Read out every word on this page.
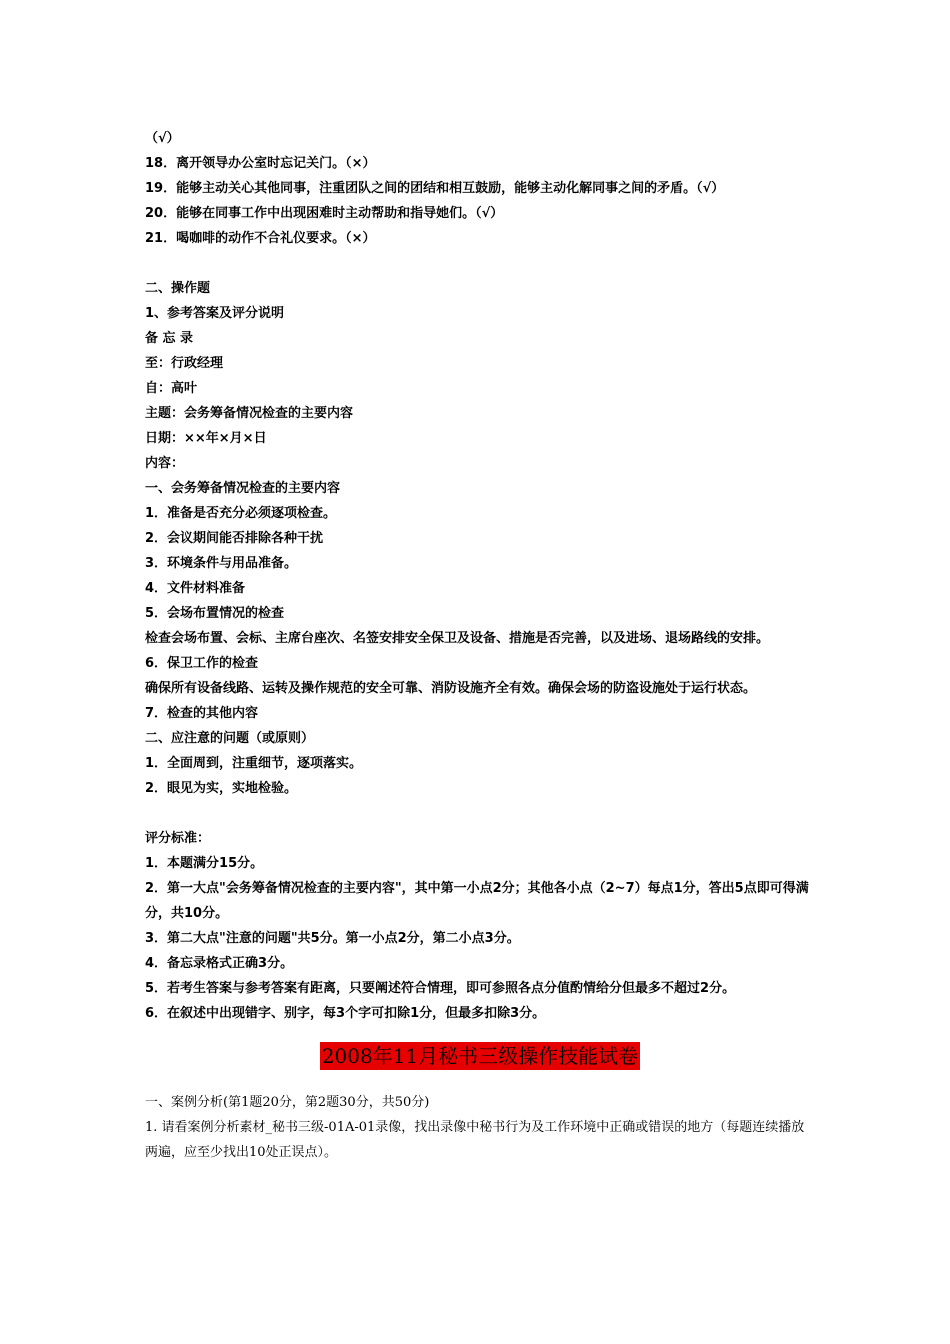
（√）
18．离开领导办公室时忘记关门。（×）
19．能够主动关心其他同事，注重团队之间的团结和相互鼓励，能够主动化解同事之间的矛盾。（√）
20．能够在同事工作中出现困难时主动帮助和指导她们。（√）
21．喝咖啡的动作不合礼仪要求。（×）
二、操作题
1、参考答案及评分说明
备 忘 录
至：行政经理
自：高叶
主题：会务筹备情况检查的主要内容
日期：××年×月×日
内容：
一、会务筹备情况检查的主要内容
1．准备是否充分必须逐项检查。
2．会议期间能否排除各种干扰
3．环境条件与用品准备。
4．文件材料准备
5．会场布置情况的检查
检查会场布置、会标、主席台座次、名签安排安全保卫及设备、措施是否完善，以及进场、退场路线的安排。
6．保卫工作的检查
确保所有设备线路、运转及操作规范的安全可靠、消防设施齐全有效。确保会场的防盗设施处于运行状态。
7．检查的其他内容
二、应注意的问题（或原则）
1．全面周到，注重细节，逐项落实。
2．眼见为实，实地检验。
评分标准：
1．本题满分15分。
2．第一大点"会务筹备情况检查的主要内容"，其中第一小点2分；其他各小点（2~7）每点1分，答出5点即可得满分，共10分。
3．第二大点"注意的问题"共5分。第一小点2分，第二小点3分。
4．备忘录格式正确3分。
5．若考生答案与参考答案有距离，只要阐述符合情理，即可参照各点分值酌情给分但最多不超过2分。
6．在叙述中出现错字、别字，每3个字可扣除1分，但最多扣除3分。
2008年11月秘书三级操作技能试卷
一、案例分析(第1题20分，第2题30分，共50分)
1. 请看案例分析素材_秘书三级-01A-01录像，找出录像中秘书行为及工作环境中正确或错误的地方（每题连续播放两遍，应至少找出10处正误点）。
